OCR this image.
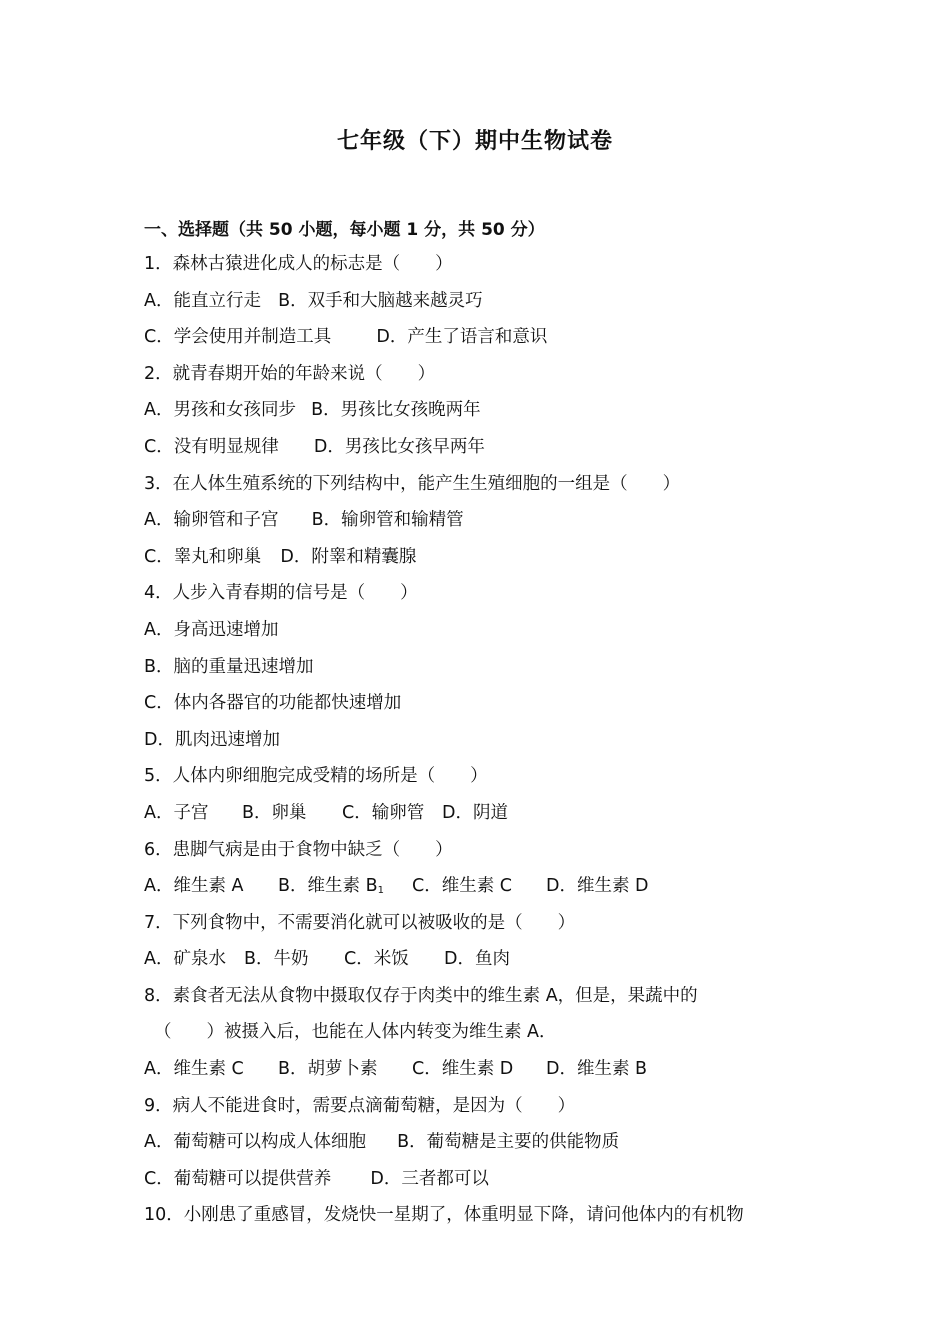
七年级（下）期中生物试卷
一、选择题（共 50 小题，每小题 1 分，共 50 分）
1．森林古猿进化成人的标志是（　　）
A．能直立行走 B．双手和大脑越来越灵巧
C．学会使用并制造工具	D．产生了语言和意识
2．就青春期开始的年龄来说（　　）
A．男孩和女孩同步 B．男孩比女孩晚两年
C．没有明显规律 D．男孩比女孩早两年
3．在人体生殖系统的下列结构中，能产生生殖细胞的一组是（　　）
A．输卵管和子宫 B．输卵管和输精管
C．睾丸和卵巢 D．附睾和精囊腺
4．人步入青春期的信号是（　　）
A．身高迅速增加
B．脑的重量迅速增加
C．体内各器官的功能都快速增加
D．肌肉迅速增加
5．人体内卵细胞完成受精的场所是（　　）
A．子宫 B．卵巢 C．输卵管 D．阴道
6．患脚气病是由于食物中缺乏（　　）
A．维生素 A B．维生素 $B_1$ C．维生素 C D．维生素 D
7．下列食物中，不需要消化就可以被吸收的是（　　）
A．矿泉水 B．牛奶 C．米饭 D．鱼肉
8．素食者无法从食物中摄取仅存于肉类中的维生素 A，但是，果蔬中的
（　　）被摄入后，也能在人体内转变为维生素 A．
A．维生素 C B．胡萝卜素 C．维生素 D D．维生素 B
9．病人不能进食时，需要点滴葡萄糖，是因为（　　）
A．葡萄糖可以构成人体细胞 B．葡萄糖是主要的供能物质
C．葡萄糖可以提供营养 D．三者都可以
10．小刚患了重感冒，发烧快一星期了，体重明显下降，请问他体内的有机物
